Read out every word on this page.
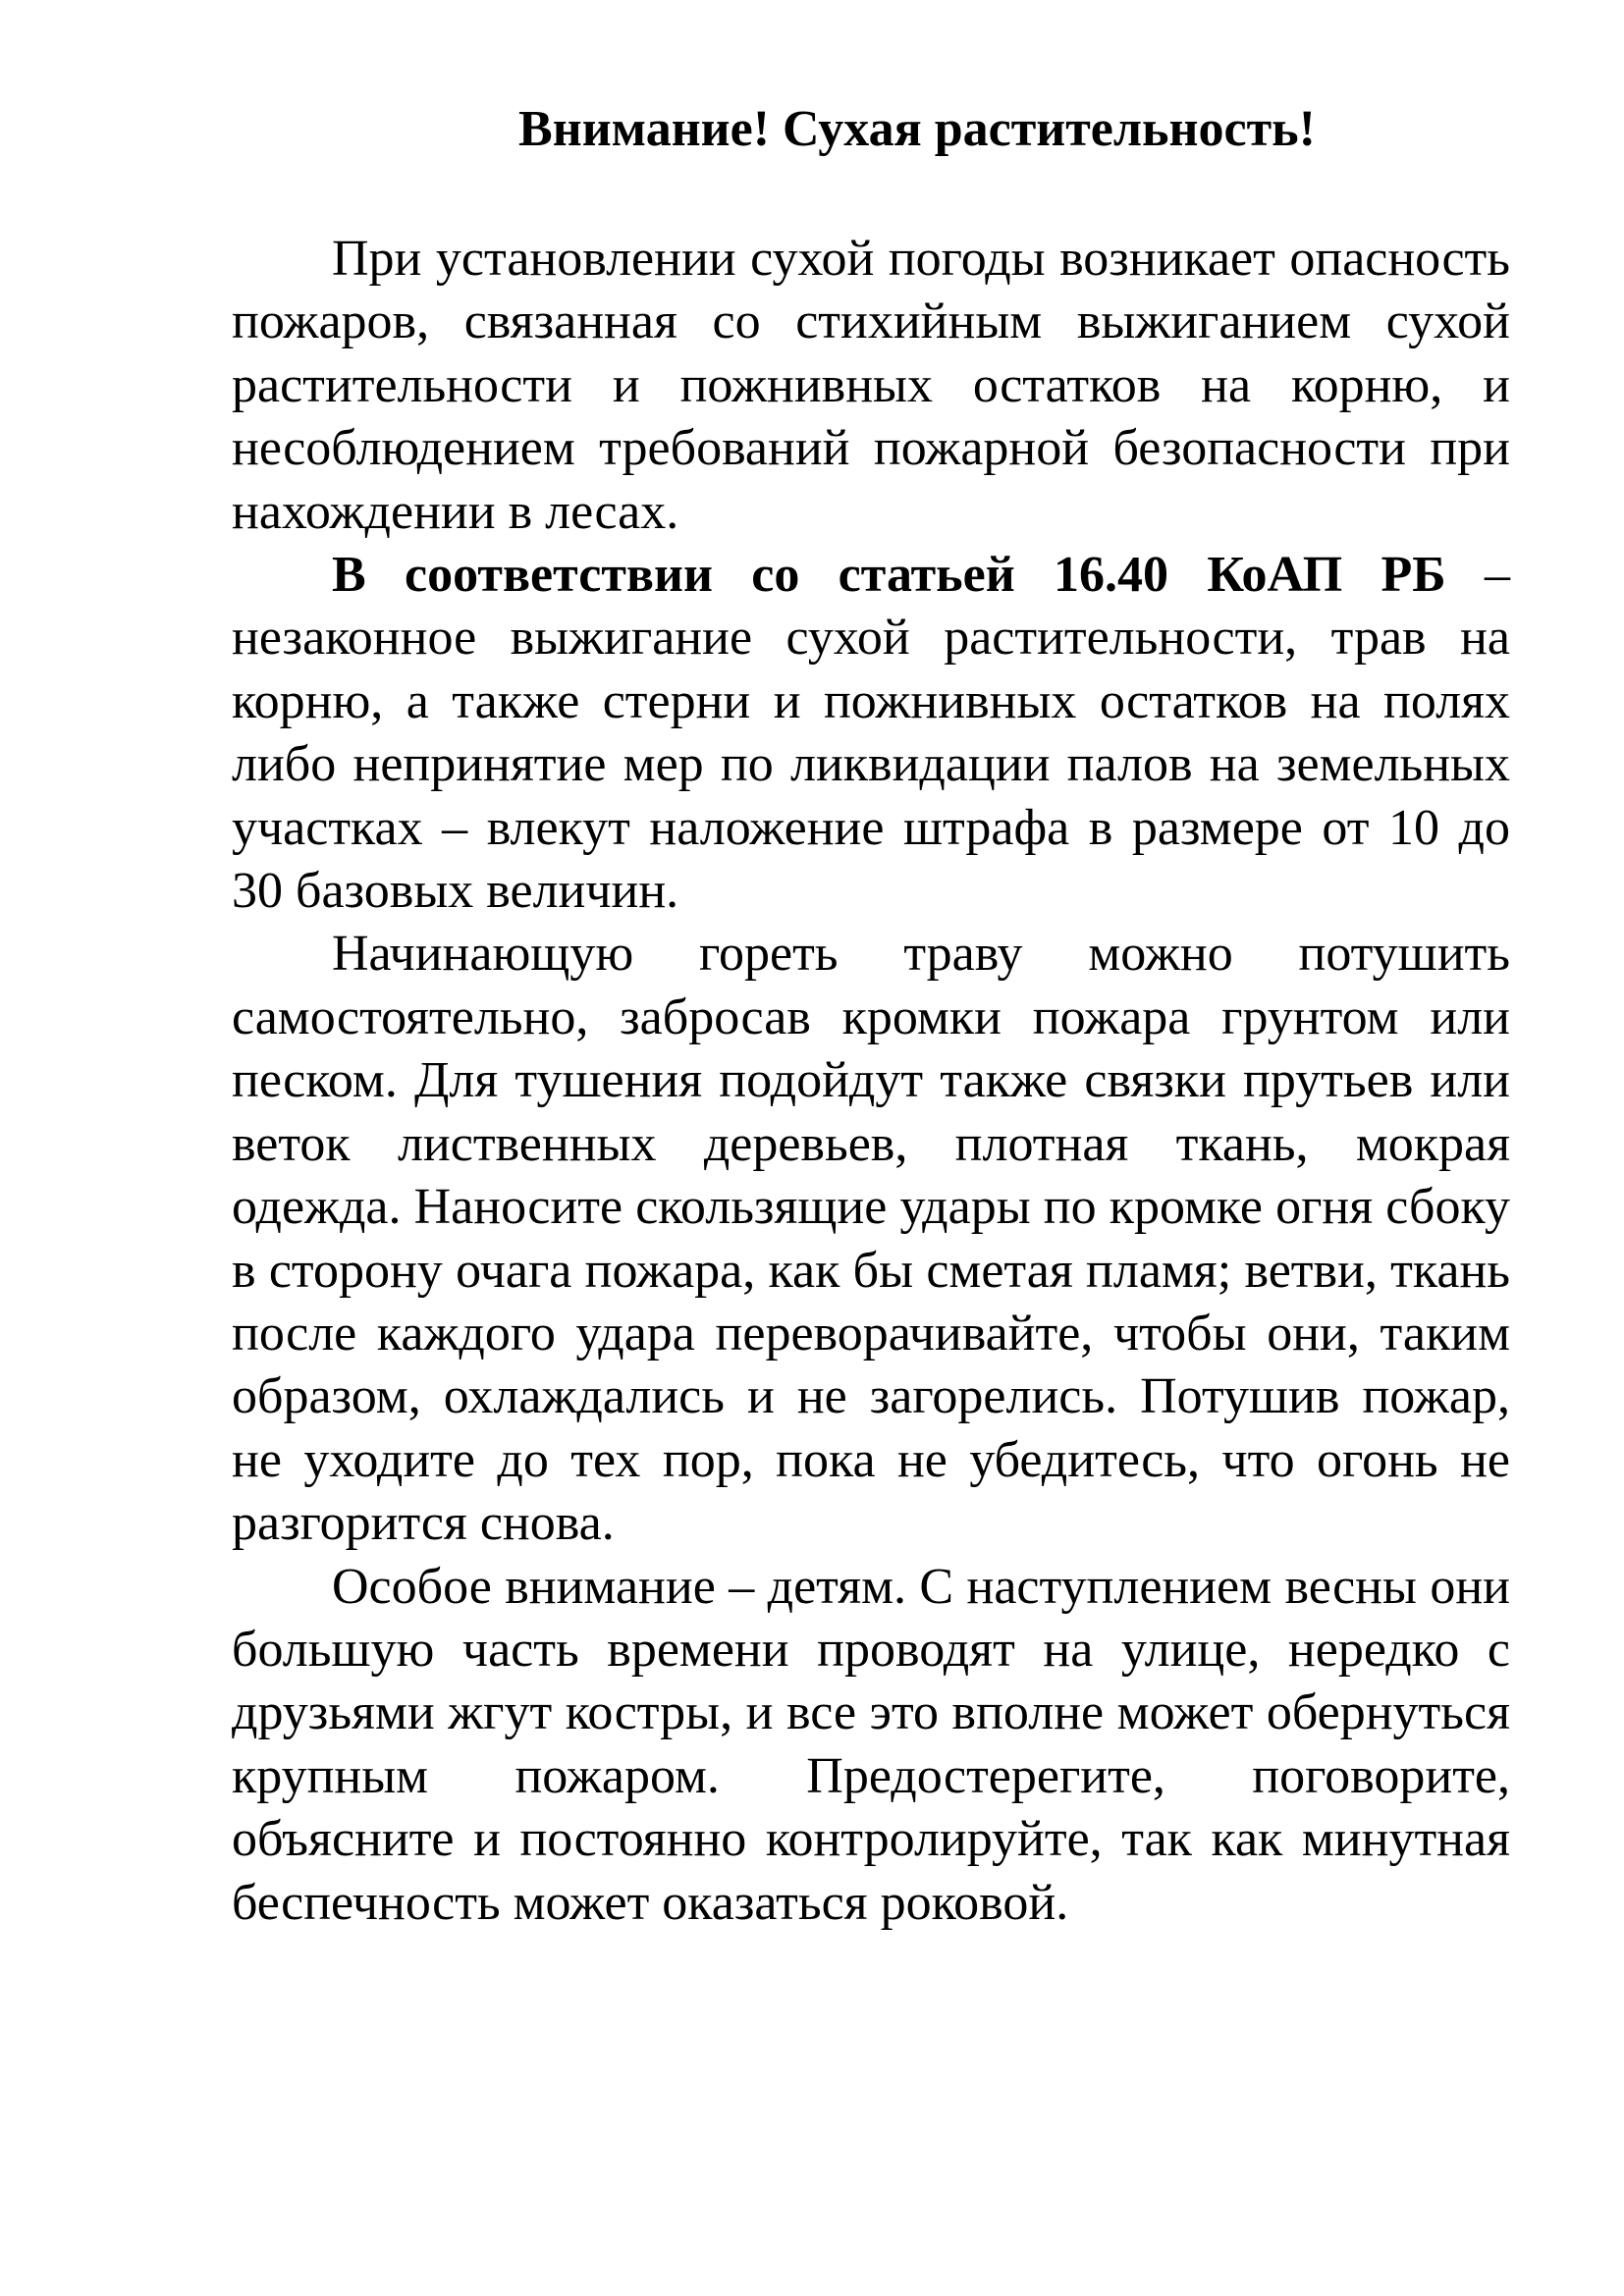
Внимание! Сухая растительность!

При установлении сухой погоды возникает опасность пожаров, связанная со стихийным выжиганием сухой растительности и пожнивных остатков на корню, и несоблюдением требований пожарной безопасности при нахождении в лесах.

В соответствии со статьей 16.40 КоАП РБ – незаконное выжигание сухой растительности, трав на корню, а также стерни и пожнивных остатков на полях либо непринятие мер по ликвидации палов на земельных участках – влекут наложение штрафа в размере от 10 до 30 базовых величин.

Начинающую гореть траву можно потушить самостоятельно, забросав кромки пожара грунтом или песком. Для тушения подойдут также связки прутьев или веток лиственных деревьев, плотная ткань, мокрая одежда. Наносите скользящие удары по кромке огня сбоку в сторону очага пожара, как бы сметая пламя; ветви, ткань после каждого удара переворачивайте, чтобы они, таким образом, охлаждались и не загорелись. Потушив пожар, не уходите до тех пор, пока не убедитесь, что огонь не разгорится снова.

Особое внимание – детям. С наступлением весны они большую часть времени проводят на улице, нередко с друзьями жгут костры, и все это вполне может обернуться крупным пожаром. Предостерегите, поговорите, объясните и постоянно контролируйте, так как минутная беспечность может оказаться роковой.
